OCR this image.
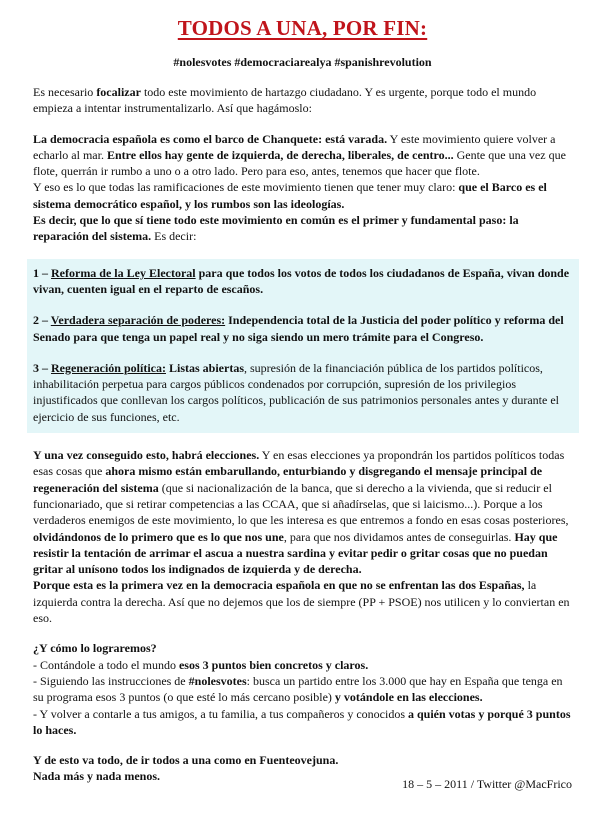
TODOS A UNA, POR FIN:
#nolesvotes #democraciarealya #spanishrevolution

Es necesario focalizar todo este movimiento de hartazgo ciudadano. Y es urgente, porque todo el mundo empieza a intentar instrumentalizarlo. Así que hagámoslo:

La democracia española es como el barco de Chanquete: está varada. Y este movimiento quiere volver a echarlo al mar. Entre ellos hay gente de izquierda, de derecha, liberales, de centro... Gente que una vez que flote, querrán ir rumbo a uno o a otro lado. Pero para eso, antes, tenemos que hacer que flote.

Y eso es lo que todas las ramificaciones de este movimiento tienen que tener muy claro: que el Barco es el sistema democrático español, y los rumbos son las ideologías.

Es decir, que lo que sí tiene todo este movimiento en común es el primer y fundamental paso: la reparación del sistema. Es decir:

1 – Reforma de la Ley Electoral para que todos los votos de todos los ciudadanos de España, vivan donde vivan, cuenten igual en el reparto de escaños.

2 – Verdadera separación de poderes: Independencia total de la Justicia del poder político y reforma del Senado para que tenga un papel real y no siga siendo un mero trámite para el Congreso.

3 – Regeneración política: Listas abiertas, supresión de la financiación pública de los partidos políticos, inhabilitación perpetua para cargos públicos condenados por corrupción, supresión de los privilegios injustificados que conllevan los cargos políticos, publicación de sus patrimonios personales antes y durante el ejercicio de sus funciones, etc.

Y una vez conseguido esto, habrá elecciones. Y en esas elecciones ya propondrán los partidos políticos todas esas cosas que ahora mismo están embarullando, enturbiando y disgregando el mensaje principal de regeneración del sistema (que si nacionalización de la banca, que si derecho a la vivienda, que si reducir el funcionariado, que si retirar competencias a las CCAA, que si añadírselas, que si laicismo...). Porque a los verdaderos enemigos de este movimiento, lo que les interesa es que entremos a fondo en esas cosas posteriores, olvidándonos de lo primero que es lo que nos une, para que nos dividamos antes de conseguirlas. Hay que resistir la tentación de arrimar el ascua a nuestra sardina y evitar pedir o gritar cosas que no puedan gritar al unísono todos los indignados de izquierda y de derecha.

Porque esta es la primera vez en la democracia española en que no se enfrentan las dos Españas, la izquierda contra la derecha. Así que no dejemos que los de siempre (PP + PSOE) nos utilicen y lo conviertan en eso.

¿Y cómo lo lograremos?

- Contándole a todo el mundo esos 3 puntos bien concretos y claros.

- Siguiendo las instrucciones de #nolesvotes: busca un partido entre los 3.000 que hay en España que tenga en su programa esos 3 puntos (o que esté lo más cercano posible) y votándole en las elecciones.

- Y volver a contarle a tus amigos, a tu familia, a tus compañeros y conocidos a quién votas y porqué 3 puntos lo haces.

Y de esto va todo, de ir todos a una como en Fuenteovejuna.

Nada más y nada menos.

18 – 5 – 2011 / Twitter @MacFrico
